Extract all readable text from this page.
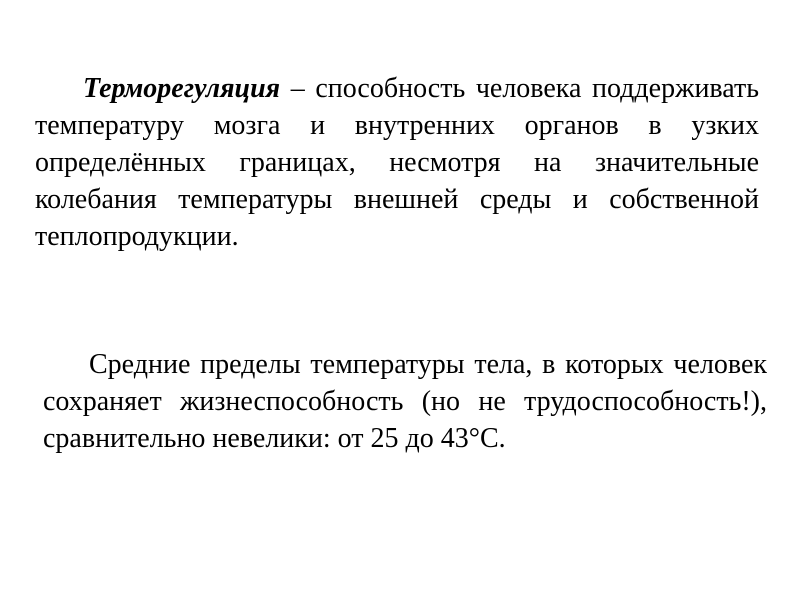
Терморегуляция – способность человека поддерживать температуру мозга и внутренних органов в узких определённых границах, несмотря на значительные колебания температуры внешней среды и собственной теплопродукции.

Средние пределы температуры тела, в которых человек сохраняет жизнеспособность (но не трудоспособность!), сравнительно невелики: от 25 до 43°С.
